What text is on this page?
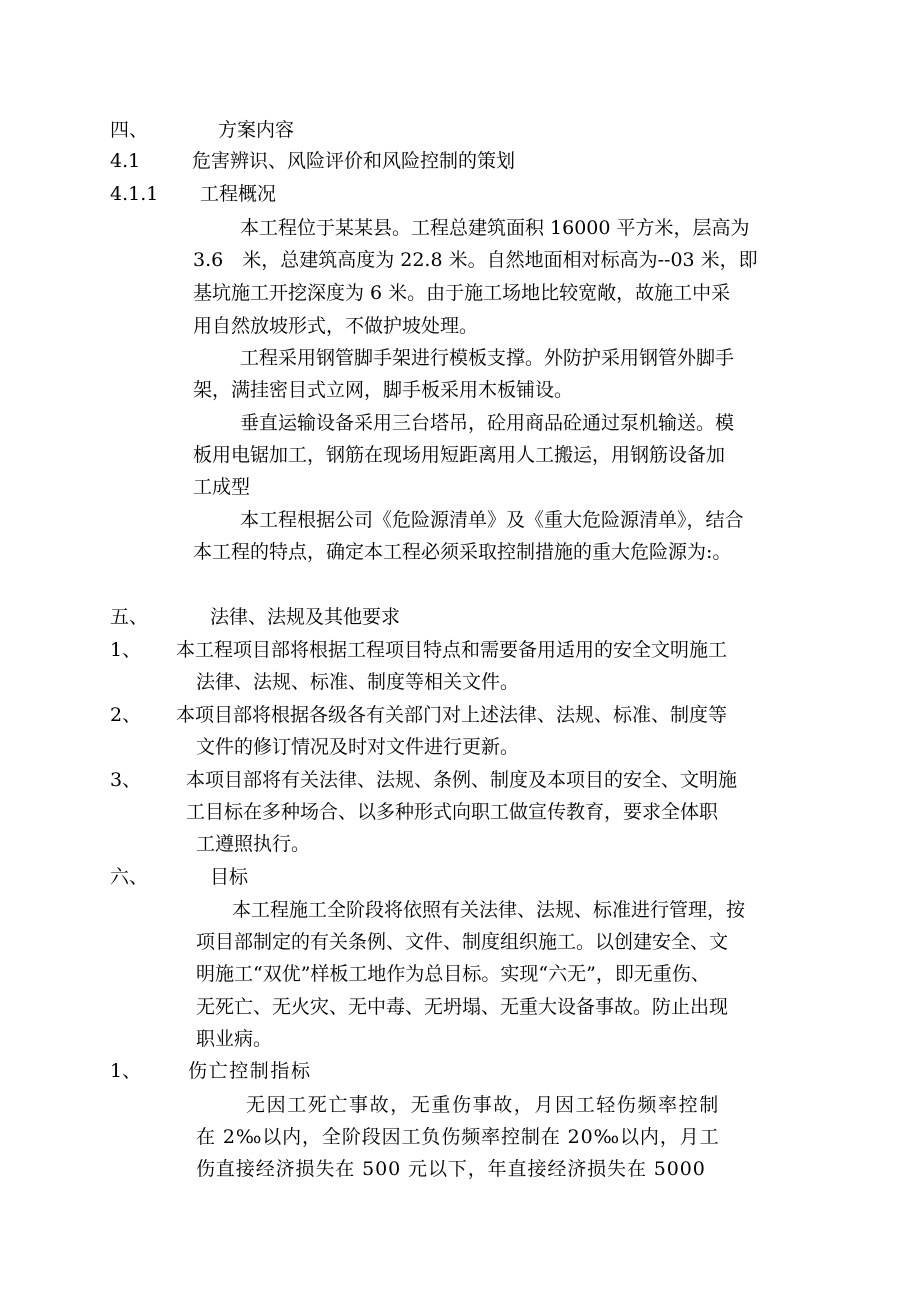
四、	方案内容
4.1	危害辨识、风险评价和风险控制的策划
4.1.1 工程概况
本工程位于某某县。工程总建筑面积 16000 平方米，层高为
3.6　米，总建筑高度为 22.8 米。自然地面相对标高为--03 米，即
基坑施工开挖深度为 6 米。由于施工场地比较宽敞，故施工中采
用自然放坡形式，不做护坡处理。
工程采用钢管脚手架进行模板支撑。外防护采用钢管外脚手
架，满挂密目式立网，脚手板采用木板铺设。
垂直运输设备采用三台塔吊，砼用商品砼通过泵机输送。模
板用电锯加工，钢筋在现场用短距离用人工搬运，用钢筋设备加
工成型
本工程根据公司《危险源清单》及《重大危险源清单》，结合
本工程的特点，确定本工程必须采取控制措施的重大危险源为:。
五、	法律、法规及其他要求
1、 本工程项目部将根据工程项目特点和需要备用适用的安全文明施工
法律、法规、标准、制度等相关文件。
2、 本项目部将根据各级各有关部门对上述法律、法规、标准、制度等
文件的修订情况及时对文件进行更新。
3、 本项目部将有关法律、法规、条例、制度及本项目的安全、文明施
工目标在多种场合、以多种形式向职工做宣传教育，要求全体职
工遵照执行。
六、	目标
本工程施工全阶段将依照有关法律、法规、标准进行管理，按
项目部制定的有关条例、文件、制度组织施工。以创建安全、文
明施工“双优”样板工地作为总目标。实现“六无”，即无重伤、
无死亡、无火灾、无中毒、无坍塌、无重大设备事故。防止出现
职业病。
1、 伤亡控制指标
无因工死亡事故，无重伤事故，月因工轻伤频率控制
在 2‰以内，全阶段因工负伤频率控制在 20‰以内，月工
伤直接经济损失在 500 元以下，年直接经济损失在 5000
